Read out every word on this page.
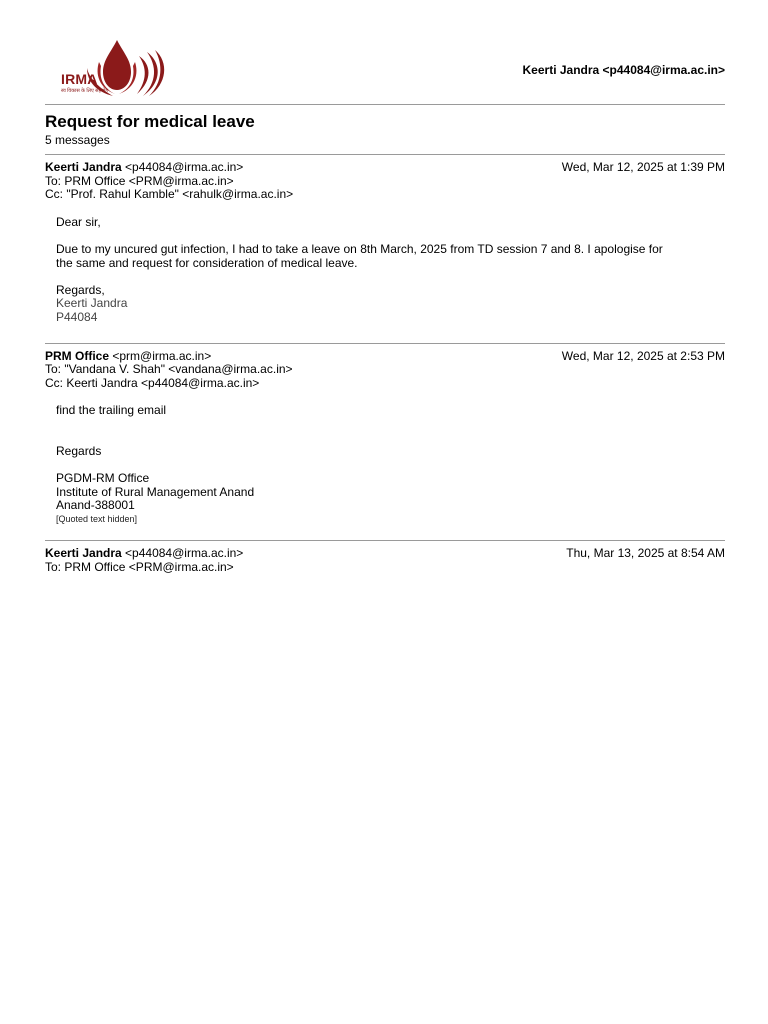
IRMA
स्व विकास के लिए सहयोग
Keerti Jandra <p44084@irma.ac.in>
Request for medical leave
5 messages
Keerti Jandra <p44084@irma.ac.in>	Wed, Mar 12, 2025 at 1:39 PM
To: PRM Office <PRM@irma.ac.in>
Cc: "Prof. Rahul Kamble" <rahulk@irma.ac.in>

Dear sir,

Due to my uncured gut infection, I had to take a leave on 8th March, 2025 from TD session 7 and 8. I apologise for

the same and request for consideration of medical leave.

Regards,

Keerti Jandra

P44084

PRM Office <prm@irma.ac.in>	Wed, Mar 12, 2025 at 2:53 PM
To: "Vandana V. Shah" <vandana@irma.ac.in>
Cc: Keerti Jandra <p44084@irma.ac.in>

find the trailing email

Regards

PGDM-RM Office

Institute of Rural Management Anand

Anand-388001

[Quoted text hidden]

Keerti Jandra <p44084@irma.ac.in>	Thu, Mar 13, 2025 at 8:54 AM
To: PRM Office <PRM@irma.ac.in>
